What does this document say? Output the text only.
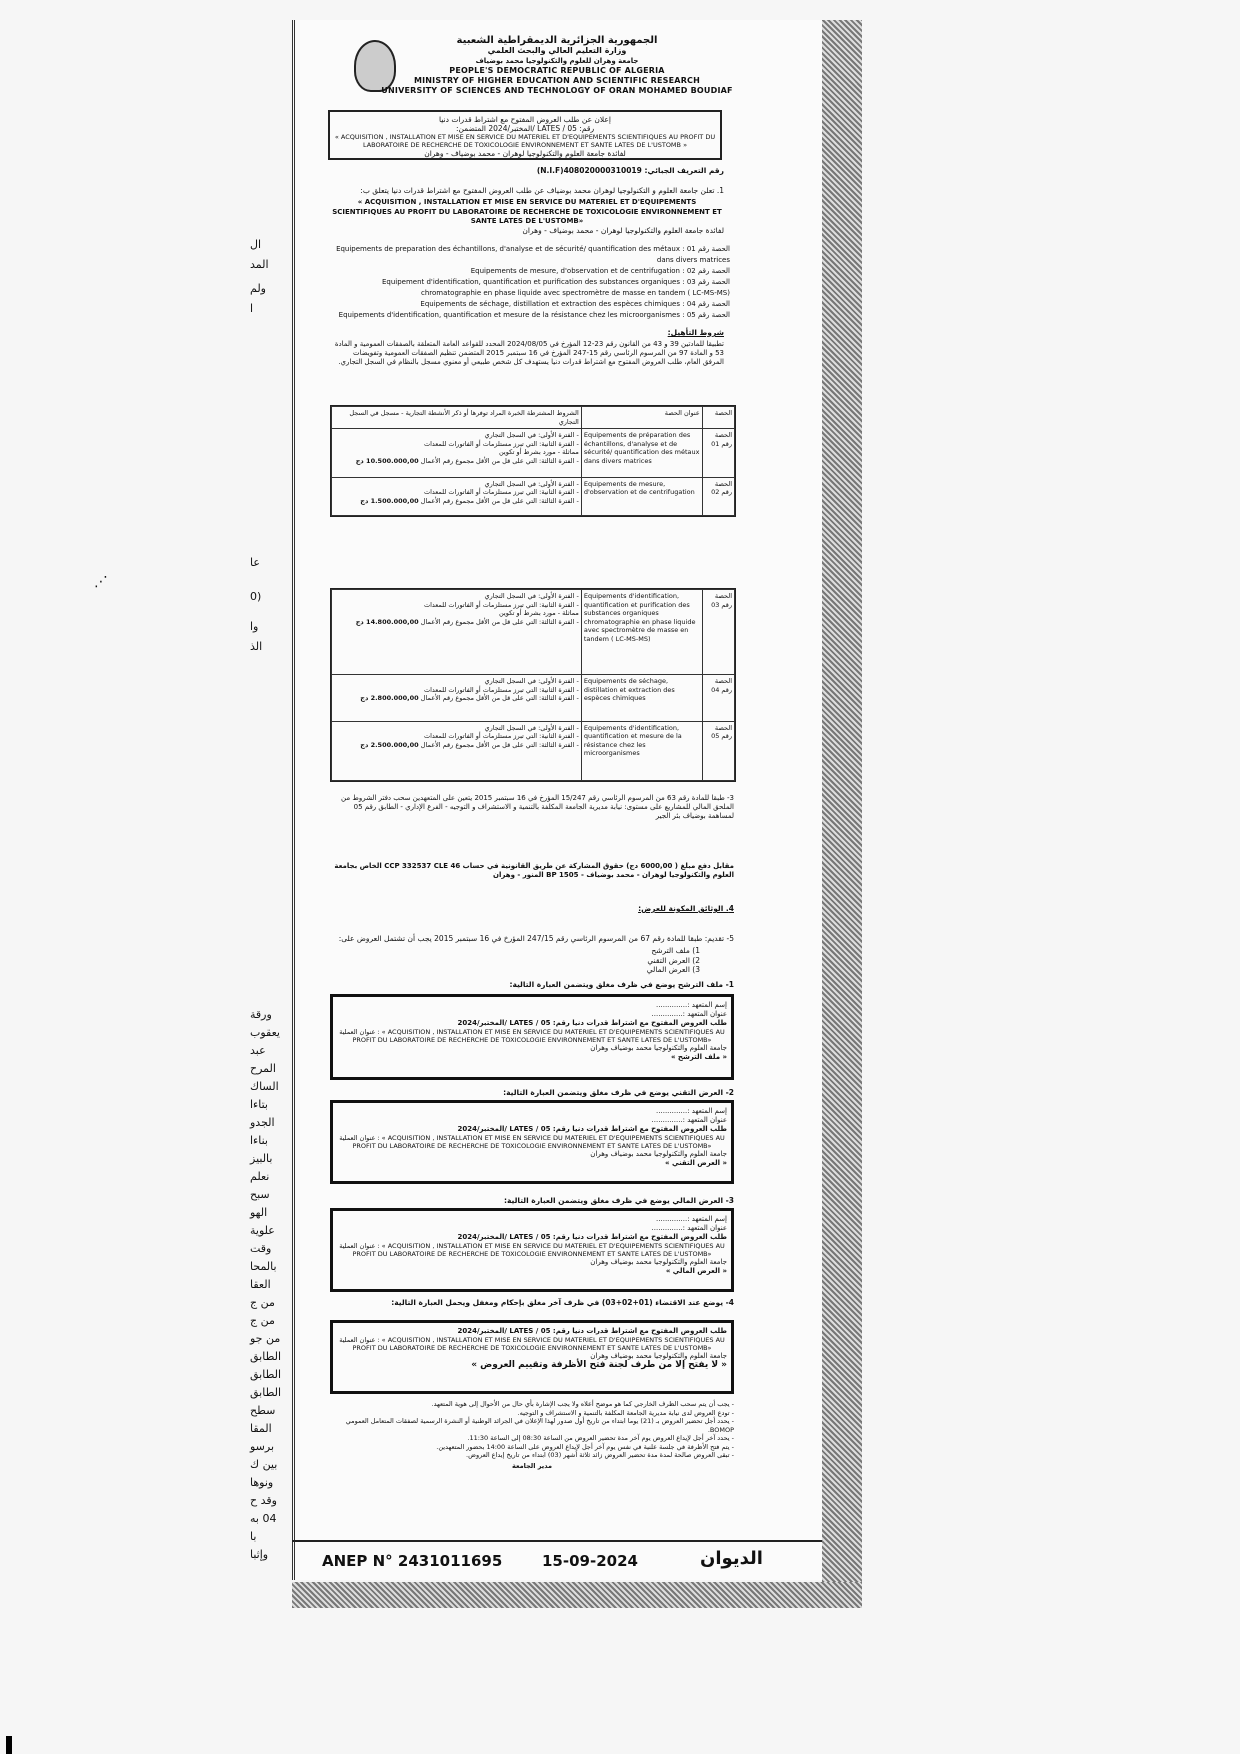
⋰
ال
المد
ولم
ا
عا
(0
وا
الذ
ورقة
يعقوب
عبد
المرح
الساك
بتاءا
الجدو
بناءا
بالبيز
نعلم
سبح
الهو
علوية
وقت
بالمحا
العقا
من ج
من ج
من جو
الطابق
الطابق
الطابق
سطح
المقا
برسو
بين ك
ونوها
وقد ح
04 به
با
وإثبا
الجمهورية الجزائرية الديمقراطية الشعبية
وزارة التعليم العالي والبحث العلمي
جامعة وهران للعلوم والتكنولوجيا محمد بوضياف
PEOPLE'S DEMOCRATIC REPUBLIC OF ALGERIA
MINISTRY OF HIGHER EDUCATION AND SCIENTIFIC RESEARCH
UNIVERSITY OF SCIENCES AND TECHNOLOGY OF ORAN MOHAMED BOUDIAF
إعلان عن طلب العروض المفتوح مع اشتراط قدرات دنيا
رقم: LATES / 05 /المختبر/2024 المتضمن:
« ACQUISITION , INSTALLATION ET MISE EN SERVICE DU MATERIEL ET D'EQUIPEMENTS SCIENTIFIQUES AU PROFIT DU LABORATOIRE DE RECHERCHE DE TOXICOLOGIE ENVIRONNEMENT ET SANTE LATES DE L'USTOMB »
لفائدة جامعة العلوم والتكنولوجيا لوهران - محمد بوضياف - وهران
رقم التعريف الجبائي: 408020000310019(N.I.F)
1. تعلن جامعة العلوم و التكنولوجيا لوهران محمد بوضياف عن طلب العروض المفتوح مع اشتراط قدرات دنيا يتعلق ب:
« ACQUISITION , INSTALLATION ET MISE EN SERVICE DU MATERIEL ET D'EQUIPEMENTS SCIENTIFIQUES AU PROFIT DU LABORATOIRE DE RECHERCHE DE TOXICOLOGIE ENVIRONNEMENT ET SANTE LATES DE L'USTOMB»
لفائدة جامعة العلوم والتكنولوجيا لوهران - محمد بوضياف - وهران
الحصة رقم 01 : Equipements de preparation des échantillons, d'analyse et de sécurité/ quantification des métaux dans divers matrices
الحصة رقم 02 : Equipements de mesure, d'observation et de centrifugation
الحصة رقم 03 : Equipement d'identification, quantification et purification des substances organiques chromatographie en phase liquide avec spectromètre de masse en tandem ( LC-MS-MS)
الحصة رقم 04 : Equipements de séchage, distillation et extraction des espèces chimiques
الحصة رقم 05 : Equipements d'identification, quantification et mesure de la résistance chez les microorganismes
شروط التأهيل:
تطبيقا للمادتين 39 و 43 من القانون رقم 23-12 المؤرخ في 2024/08/05 المحدد للقواعد العامة المتعلقة بالصفقات العمومية و المادة 53 و المادة 97 من المرسوم الرئاسي رقم 15-247 المؤرخ في 16 سبتمبر 2015 المتضمن تنظيم الصفقات العمومية وتفويضات المرفق العام، طلب العروض المفتوح مع اشتراط قدرات دنيا يستهدف كل شخص طبيعي أو معنوي مسجل بالنظام في السجل التجاري.
الشروط المشترطة الخبرة المراد توفرها أو ذكر الأنشطة التجارية - مسجل في السجل التجاري	عنوان الحصة	الحصة

- الفترة الأولى: في السجل التجاري
- الفترة الثانية: التي تبرز مستلزمات أو الفاتورات للمعدات
مماثلة - مورد بشرط أو تكوين
- الفترة الثالثة: التي على قل من الأقل مجموع رقم الأعمال 10.500.000,00 دج	Equipements de préparation des échantillons, d'analyse et de sécurité/ quantification des métaux dans divers matrices	الحصة رقم 01

- الفترة الأولى: في السجل التجاري
- الفترة الثانية: التي تبرز مستلزمات أو الفاتورات للمعدات
- الفترة الثالثة: التي على قل من الأقل مجموع رقم الأعمال 1.500.000,00 دج	Equipements de mesure, d'observation et de centrifugation	الحصة رقم 02
- الفترة الأولى: في السجل التجاري
- الفترة الثانية: التي تبرز مستلزمات أو الفاتورات للمعدات
مماثلة - مورد بشرط أو تكوين
- الفترة الثالثة: التي على قل من الأقل مجموع رقم الأعمال 14.800.000,00 دج	Equipements d'identification, quantification et purification des substances organiques chromatographie en phase liquide avec spectromètre de masse en tandem ( LC-MS-MS)	الحصة رقم 03

- الفترة الأولى: في السجل التجاري
- الفترة الثانية: التي تبرز مستلزمات أو الفاتورات للمعدات
- الفترة الثالثة: التي على قل من الأقل مجموع رقم الأعمال 2.800.000,00 دج	Equipements de séchage, distillation et extraction des espèces chimiques	الحصة رقم 04

- الفترة الأولى: في السجل التجاري
- الفترة الثانية: التي تبرز مستلزمات أو الفاتورات للمعدات
- الفترة الثالثة: التي على قل من الأقل مجموع رقم الأعمال 2.500.000,00 دج	Equipements d'identification, quantification et mesure de la résistance chez les microorganismes	الحصة رقم 05
3- طبقا للمادة رقم 63 من المرسوم الرئاسي رقم 15/247 المؤرخ في 16 سبتمبر 2015 يتعين على المتعهدين سحب دفتر الشروط من الملحق المالي للمشاريع على مستوى: نيابة مديرية الجامعة المكلفة بالتنمية و الاستشراف و التوجيه - الفرع الإداري - الطابق رقم 05 لمساهمة بوضياف بئر الجير
مقابل دفع مبلغ ( 6000,00 دج) حقوق المشاركة عن طريق القانونية في حساب CCP 332537 CLE 46 الخاص بجامعة العلوم والتكنولوجيا لوهران - محمد بوضياف - BP 1505 المنور - وهران
4. الوثائق المكونة للعرض:
5- تقديم: طبقا للمادة رقم 67 من المرسوم الرئاسي رقم 247/15 المؤرخ في 16 سبتمبر 2015 يجب أن تشتمل العروض على:
1) ملف الترشح
2) العرض التقني
3) العرض المالي
1- ملف الترشح يوضع في ظرف مغلق ويتضمن العبارة التالية:
إسم المتعهد :..............
عنوان المتعهد :..............
طلب العروض المفتوح مع اشتراط قدرات دنيا رقم: 05 / LATES /المختبر/2024
عنوان العملية : « ACQUISITION , INSTALLATION ET MISE EN SERVICE DU MATERIEL ET D'EQUIPEMENTS SCIENTIFIQUES AU PROFIT DU LABORATOIRE DE RECHERCHE DE TOXICOLOGIE ENVIRONNEMENT ET SANTE LATES DE L'USTOMB»
جامعة العلوم والتكنولوجيا محمد بوضياف وهران
« ملف الترشح »
2- العرض التقني يوضع في ظرف مغلق ويتضمن العبارة التالية:
إسم المتعهد :..............
عنوان المتعهد :..............
طلب العروض المفتوح مع اشتراط قدرات دنيا رقم: 05 / LATES /المختبر/2024
عنوان العملية : « ACQUISITION , INSTALLATION ET MISE EN SERVICE DU MATERIEL ET D'EQUIPEMENTS SCIENTIFIQUES AU PROFIT DU LABORATOIRE DE RECHERCHE DE TOXICOLOGIE ENVIRONNEMENT ET SANTE LATES DE L'USTOMB»
جامعة العلوم والتكنولوجيا محمد بوضياف وهران
« العرض التقني »
3- العرض المالي يوضع في ظرف مغلق ويتضمن العبارة التالية:
إسم المتعهد :..............
عنوان المتعهد :..............
طلب العروض المفتوح مع اشتراط قدرات دنيا رقم: 05 / LATES /المختبر/2024
عنوان العملية : « ACQUISITION , INSTALLATION ET MISE EN SERVICE DU MATERIEL ET D'EQUIPEMENTS SCIENTIFIQUES AU PROFIT DU LABORATOIRE DE RECHERCHE DE TOXICOLOGIE ENVIRONNEMENT ET SANTE LATES DE L'USTOMB»
جامعة العلوم والتكنولوجيا محمد بوضياف وهران
« العرض المالي »
4- يوضع عند الاقتضاء (01+02+03) في ظرف آخر مغلق بإحكام ومغفل ويحمل العبارة التالية:
طلب العروض المفتوح مع اشتراط قدرات دنيا رقم: 05 / LATES /المختبر/2024
عنوان العملية : « ACQUISITION , INSTALLATION ET MISE EN SERVICE DU MATERIEL ET D'EQUIPEMENTS SCIENTIFIQUES AU PROFIT DU LABORATOIRE DE RECHERCHE DE TOXICOLOGIE ENVIRONNEMENT ET SANTE LATES DE L'USTOMB»
جامعة العلوم والتكنولوجيا محمد بوضياف وهران
« لا يفتح إلا من طرف لجنة فتح الأظرفة وتقييم العروض »
- يجب أن يتم سحب الظرف الخارجي كما هو موضح أعلاه ولا يجب الإشارة بأي حال من الأحوال إلى هوية المتعهد.
- تودع العروض لدى نيابة مديرية الجامعة المكلفة بالتنمية و الاستشراف و التوجيه.
- يحدد أجل تحضير العروض بـ (21) يوما ابتداء من تاريخ أول صدور لهذا الإعلان في الجرائد الوطنية أو النشرة الرسمية لصفقات المتعامل العمومي BOMOP.
- يحدد آخر أجل لإيداع العروض يوم آخر مدة تحضير العروض من الساعة 08:30 إلى الساعة 11:30.
- يتم فتح الأظرفة في جلسة علنية في نفس يوم آخر أجل لإيداع العروض على الساعة 14:00 بحضور المتعهدين.
- تبقى العروض صالحة لمدة مدة تحضير العروض زائد ثلاثة أشهر (03) ابتداء من تاريخ إيداع العروض.
مدير الجامعة
ANEP N° 2431011695	15-09-2024	الديوان
